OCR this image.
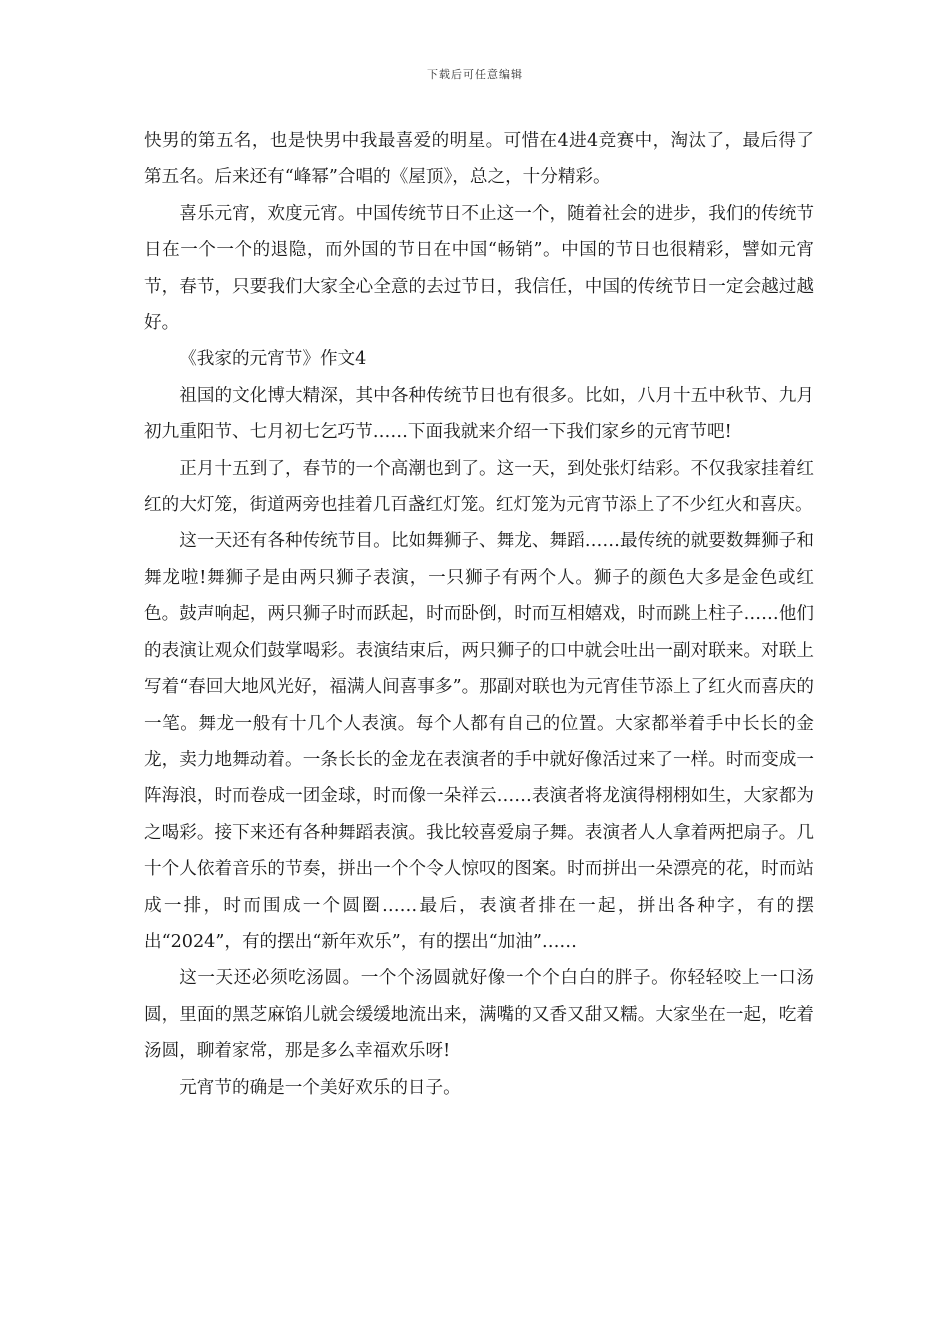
下载后可任意编辑

快男的第五名，也是快男中我最喜爱的明星。可惜在4进4竞赛中，淘汰了，最后得了第五名。后来还有“峰幂”合唱的《屋顶》，总之，十分精彩。

喜乐元宵，欢度元宵。中国传统节日不止这一个，随着社会的进步，我们的传统节日在一个一个的退隐，而外国的节日在中国“畅销”。中国的节日也很精彩，譬如元宵节，春节，只要我们大家全心全意的去过节日，我信任，中国的传统节日一定会越过越好。

《我家的元宵节》作文4

祖国的文化博大精深，其中各种传统节日也有很多。比如，八月十五中秋节、九月初九重阳节、七月初七乞巧节……下面我就来介绍一下我们家乡的元宵节吧!

正月十五到了，春节的一个高潮也到了。这一天，到处张灯结彩。不仅我家挂着红红的大灯笼，街道两旁也挂着几百盏红灯笼。红灯笼为元宵节添上了不少红火和喜庆。

这一天还有各种传统节目。比如舞狮子、舞龙、舞蹈……最传统的就要数舞狮子和舞龙啦!舞狮子是由两只狮子表演，一只狮子有两个人。狮子的颜色大多是金色或红色。鼓声响起，两只狮子时而跃起，时而卧倒，时而互相嬉戏，时而跳上柱子……他们的表演让观众们鼓掌喝彩。表演结束后，两只狮子的口中就会吐出一副对联来。对联上写着“春回大地风光好，福满人间喜事多”。那副对联也为元宵佳节添上了红火而喜庆的一笔。舞龙一般有十几个人表演。每个人都有自己的位置。大家都举着手中长长的金龙，卖力地舞动着。一条长长的金龙在表演者的手中就好像活过来了一样。时而变成一阵海浪，时而卷成一团金球，时而像一朵祥云……表演者将龙演得栩栩如生，大家都为之喝彩。接下来还有各种舞蹈表演。我比较喜爱扇子舞。表演者人人拿着两把扇子。几十个人依着音乐的节奏，拼出一个个令人惊叹的图案。时而拼出一朵漂亮的花，时而站成一排，时而围成一个圆圈……最后，表演者排在一起，拼出各种字，有的摆出“2024”，有的摆出“新年欢乐”，有的摆出“加油”……

这一天还必须吃汤圆。一个个汤圆就好像一个个白白的胖子。你轻轻咬上一口汤圆，里面的黑芝麻馅儿就会缓缓地流出来，满嘴的又香又甜又糯。大家坐在一起，吃着汤圆，聊着家常，那是多么幸福欢乐呀!

元宵节的确是一个美好欢乐的日子。
